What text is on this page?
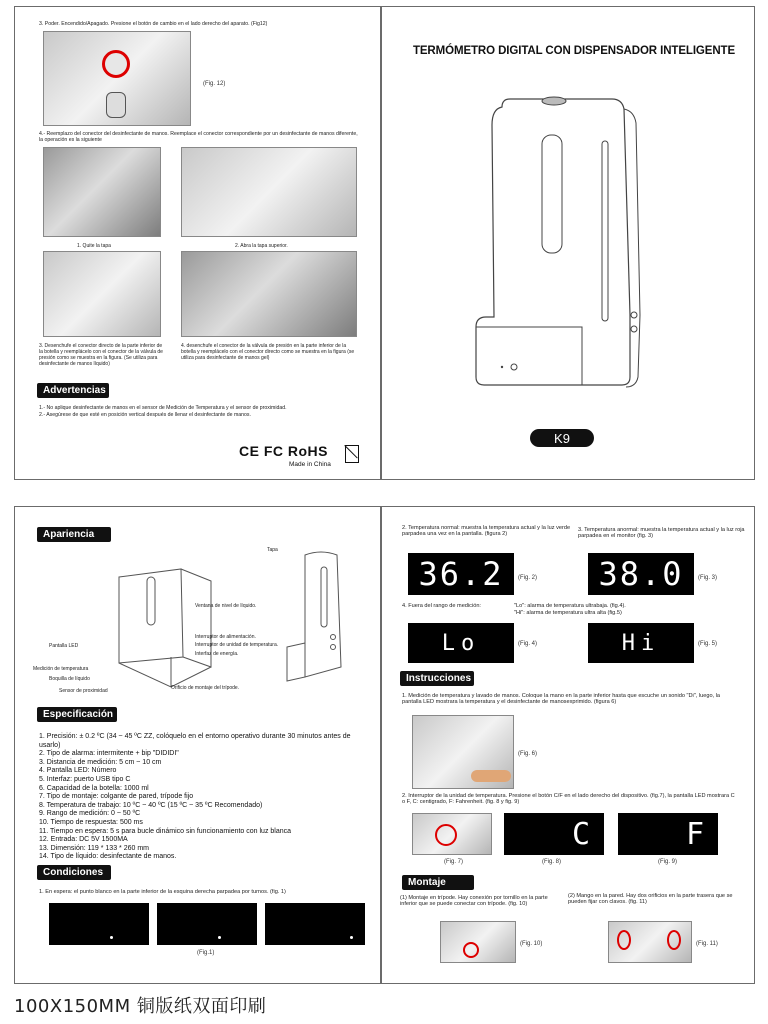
3. Poder. Encendido/Apagado. Presione el botón de cambio en el lado derecho del aparato. (Fig12)
(Fig. 12)
4.- Reemplazo del conector del desinfectante de manos. Reemplace el conector correspondiente por un desinfectante de manos diferente, la operación es la siguiente
1. Quite la tapa	2. Abra la tapa superior.
3. Desenchufe el conector directo de la parte inferior de la botella y reemplácelo con el conector de la válvula de presión como se muestra en la figura. (Se utiliza para desinfectante de manos líquido)
4. desenchufe el conector de la válvula de presión en la parte inferior de la botella y reemplácelo con el conector directo como se muestra en la figura (se utiliza para desinfectante de manos gel)
Advertencias
1.- No aplique desinfectante de manos en el sensor de Medición de Temperatura y el sensor de proximidad.
2.- Asegúrese de que esté en posición vertical después de llenar el desinfectante de manos.
CE FC RoHS
Made in China
TERMÓMETRO DIGITAL CON DISPENSADOR INTELIGENTE
K9
Apariencia
Tapa
Ventana de nivel de líquido.
Interruptor de alimentación.
Interruptor de unidad de temperatura.
Interfaz de energía.
Pantalla LED
Medición de temperatura
Boquilla de líquido
Sensor de proximidad	Orificio de montaje del trípode.
Especificación
1. Precisión: ± 0.2 ºC (34 ~ 45 ºC ZZ, colóquelo en el entorno operativo durante 30 minutos antes de usarlo)
2. Tipo de alarma: intermitente + bip "DIDIDI"
3. Distancia de medición: 5 cm ~ 10 cm
4. Pantalla LED: Número
5. Interfaz: puerto USB tipo C
6. Capacidad de la botella: 1000 ml
7. Tipo de montaje: colgante de pared, trípode fijo
8. Temperatura de trabajo: 10 ºC ~ 40 ºC (15 ºC ~ 35 ºC Recomendado)
9. Rango de medición: 0 ~ 50 ºC
10. Tiempo de respuesta: 500 ms
11. Tiempo en espera: 5 s para bucle dinámico sin funcionamiento con luz blanca
12. Entrada: DC 5V 1500MA
13. Dimensión: 119 * 133 * 260 mm
14. Tipo de líquido: desinfectante de manos.
Condiciones
1. En espera: el punto blanco en la parte inferior de la esquina derecha parpadea por turnos. (fig. 1)
(Fig.1)
2. Temperatura normal: muestra la temperatura actual y la luz verde parpadea una vez en la pantalla. (figura 2)
3. Temperatura anormal: muestra la temperatura actual y la luz roja parpadea en el monitor (fig. 3)
36.2	(Fig. 2)	38.0	(Fig. 3)
4. Fuera del rango de medición:	"Lo": alarma de temperatura ultrabaja. (fig.4).
"Hi": alarma de temperatura ultra alta (fig.5)
Lo	(Fig. 4)	Hi	(Fig. 5)
Instrucciones
1. Medición de temperatura y lavado de manos. Coloque la mano en la parte inferior hasta que escuche un sonido "Di", luego, la pantalla LED mostrara la temperatura y el desinfectante de manosexprimido. (figura 6)
(Fig. 6)
2. Interruptor de la unidad de temperatura. Presione el botón C/F en el lado derecho del dispositivo. (fig.7), la pantalla LED mostrara C o F, C: centigrado, F: Fahrenheit. (fig. 8 y fig. 9)
C	F
(Fig. 7)	(Fig. 8)	(Fig. 9)
Montaje
(1) Montaje en trípode. Hay conexión por tornillo en la parte inferior que se puede conectar con trípode. (fig. 10)
(2) Mango en la pared. Hay dos orificios en la parte trasera que se pueden fijar con clavos. (fig. 11)
(Fig. 10)	(Fig. 11)
100X150MM 铜版纸双面印刷
